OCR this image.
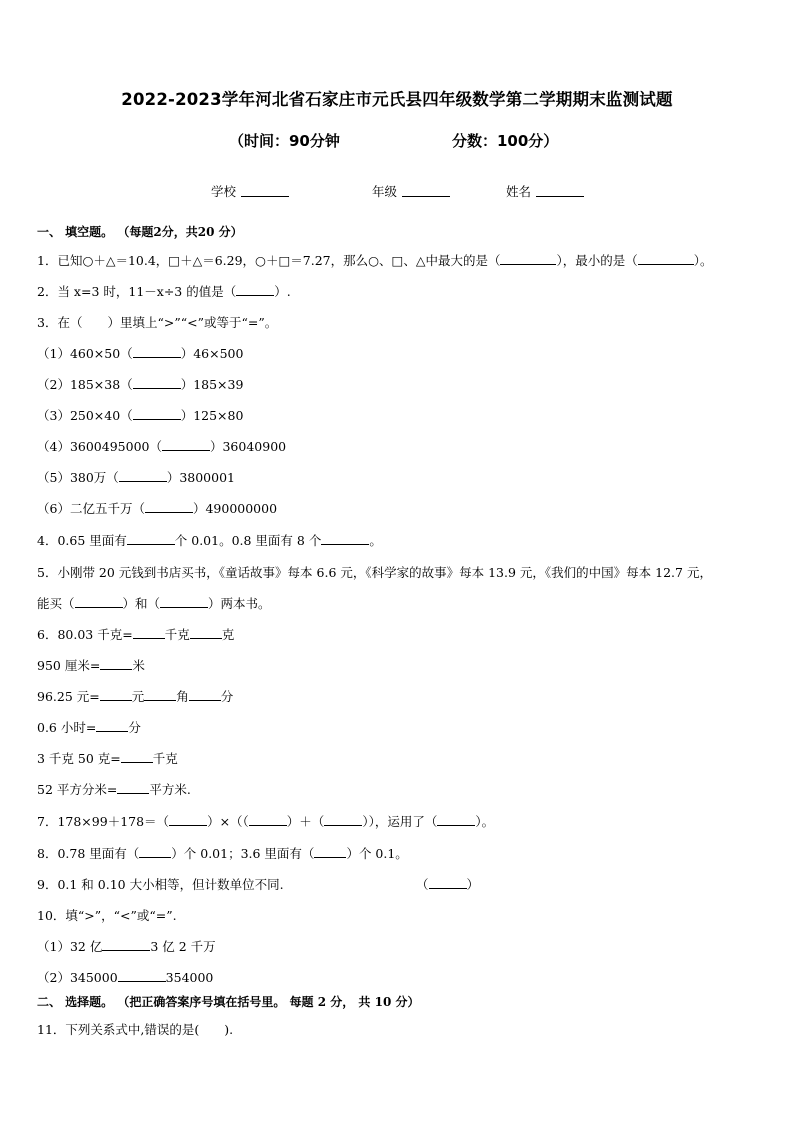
2022-2023学年河北省石家庄市元氏县四年级数学第二学期期末监测试题
（时间：90分钟	分数：100分）
学校	年级	姓名
一、 填空题。 （每题2分，共20 分）
1．已知○＋△＝10.4，□＋△＝6.29，○＋□＝7.27，那么○、□、△中最大的是（	），最小的是（	）。
2．当 x=3 时，11－x÷3 的值是（	）.
3．在（　　）里填上“>”“<”或等于“=”。
（1）460×50（	）46×500
（2）185×38（	）185×39
（3）250×40（	）125×80
（4）3600495000（	）36040900
（5）380万（	）3800001
（6）二亿五千万（	）490000000
4．0.65 里面有	个 0.01。0.8 里面有 8 个	。
5．小刚带 20 元钱到书店买书，《童话故事》每本 6.6 元，《科学家的故事》每本 13.9 元，《我们的中国》每本 12.7 元，
能买（	）和（	）两本书。
6．80.03 千克=	千克	克
950 厘米=	米
96.25 元=	元	角	分
0.6 小时=	分
3 千克 50 克=	千克
52 平方分米=	平方米.
7．178×99＋178＝（	）×（（	）＋（	）），运用了（	）。
8．0.78 里面有（	）个 0.01；3.6 里面有（	）个 0.1。
9．0.1 和 0.10 大小相等，但计数单位不同.	（	）
10．填“>”，“<”或“=”.
（1）32 亿	3 亿 2 千万
（2）345000	354000
二、 选择题。 （把正确答案序号填在括号里。 每题 2 分， 共 10 分）
11．下列关系式中,错误的是(　　).
